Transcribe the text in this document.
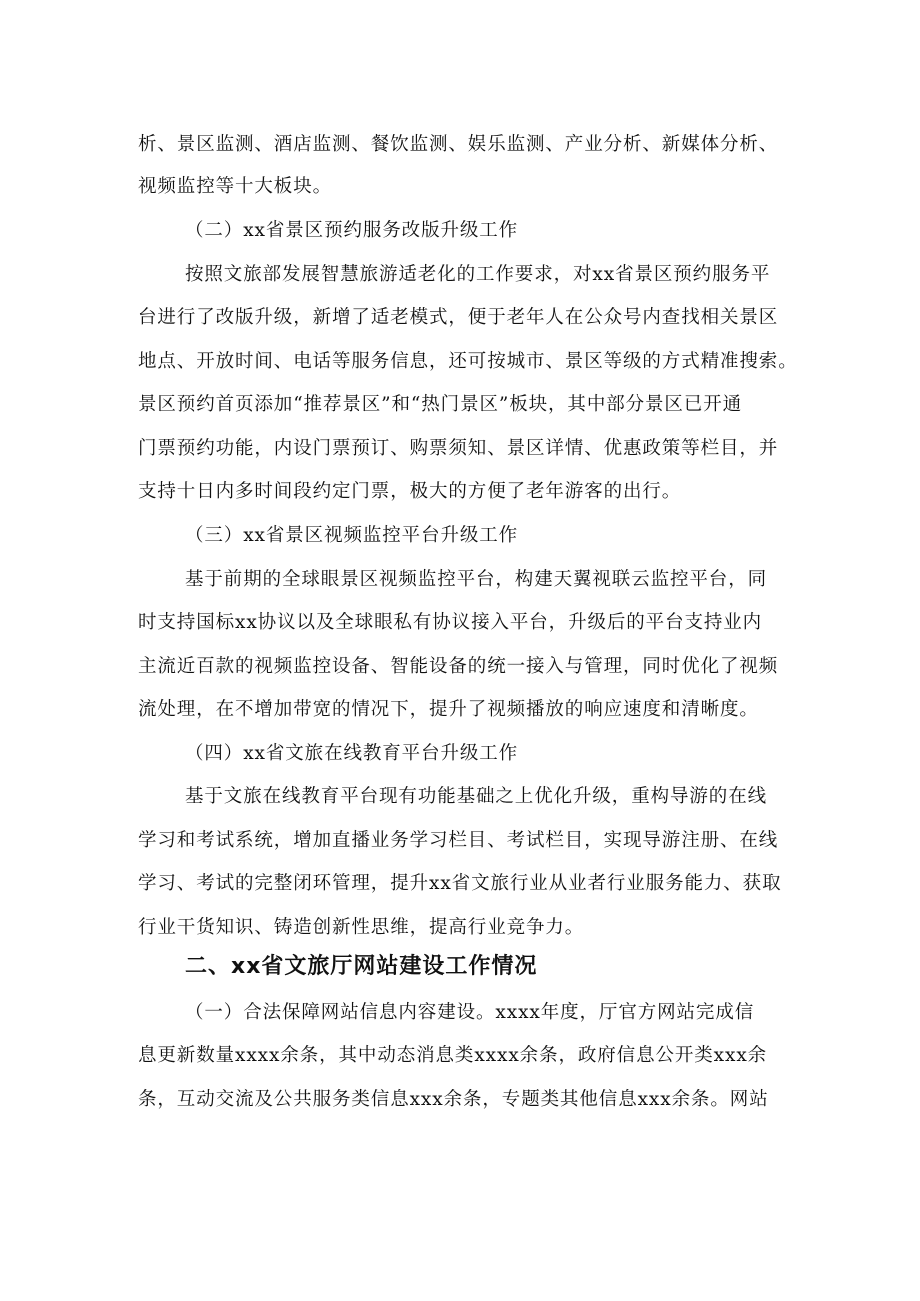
析、景区监测、酒店监测、餐饮监测、娱乐监测、产业分析、新媒体分析、
视频监控等十大板块。
（二）xx省景区预约服务改版升级工作
按照文旅部发展智慧旅游适老化的工作要求，对xx省景区预约服务平
台进行了改版升级，新增了适老模式，便于老年人在公众号内查找相关景区
地点、开放时间、电话等服务信息，还可按城市、景区等级的方式精准搜索。
景区预约首页添加“推荐景区”和“热门景区”板块，其中部分景区已开通
门票预约功能，内设门票预订、购票须知、景区详情、优惠政策等栏目，并
支持十日内多时间段约定门票，极大的方便了老年游客的出行。
（三）xx省景区视频监控平台升级工作
基于前期的全球眼景区视频监控平台，构建天翼视联云监控平台，同
时支持国标xx协议以及全球眼私有协议接入平台，升级后的平台支持业内
主流近百款的视频监控设备、智能设备的统一接入与管理，同时优化了视频
流处理，在不增加带宽的情况下，提升了视频播放的响应速度和清晰度。
（四）xx省文旅在线教育平台升级工作
基于文旅在线教育平台现有功能基础之上优化升级，重构导游的在线
学习和考试系统，增加直播业务学习栏目、考试栏目，实现导游注册、在线
学习、考试的完整闭环管理，提升xx省文旅行业从业者行业服务能力、获取
行业干货知识、铸造创新性思维，提高行业竞争力。
二、xx省文旅厅网站建设工作情况
（一）合法保障网站信息内容建设。xxxx年度，厅官方网站完成信
息更新数量xxxx余条，其中动态消息类xxxx余条，政府信息公开类xxx余
条，互动交流及公共服务类信息xxx余条，专题类其他信息xxx余条。网站
